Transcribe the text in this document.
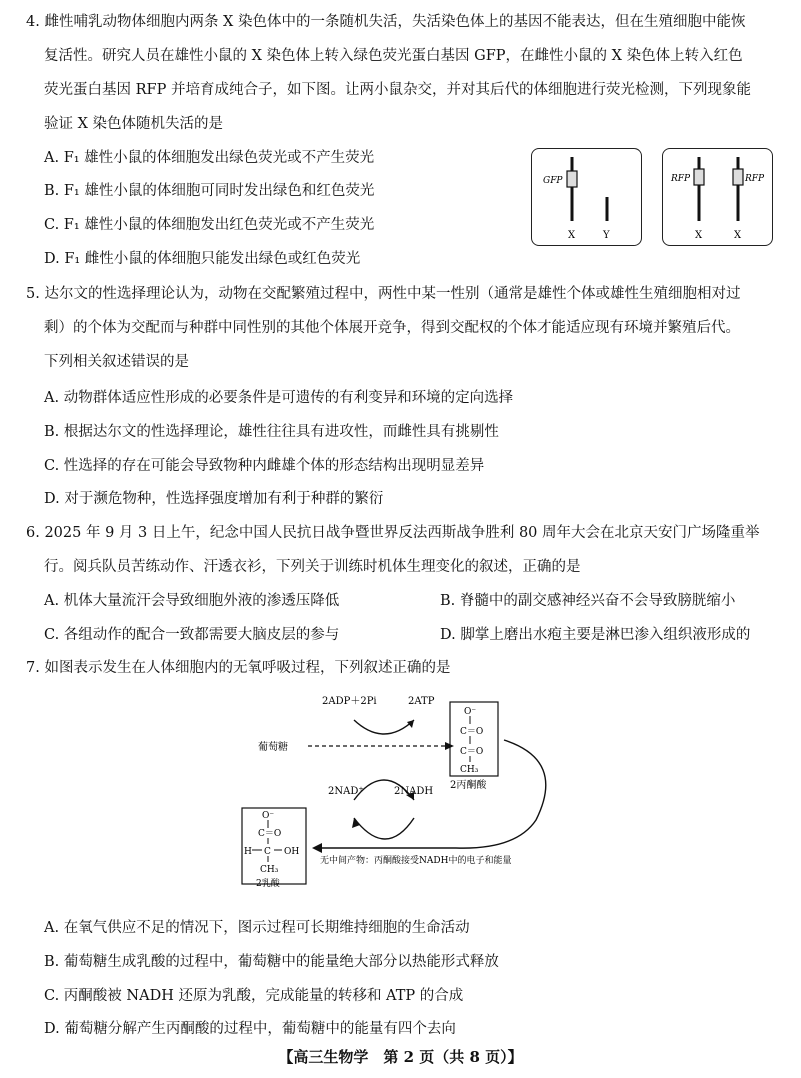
4. 雌性哺乳动物体细胞内两条 X 染色体中的一条随机失活，失活染色体上的基因不能表达，但在生殖细胞中能恢
复活性。研究人员在雄性小鼠的 X 染色体上转入绿色荧光蛋白基因 GFP，在雌性小鼠的 X 染色体上转入红色
荧光蛋白基因 RFP 并培育成纯合子，如下图。让两小鼠杂交，并对其后代的体细胞进行荧光检测，下列现象能
验证 X 染色体随机失活的是
A. F₁ 雄性小鼠的体细胞发出绿色荧光或不产生荧光
B. F₁ 雄性小鼠的体细胞可同时发出绿色和红色荧光
C. F₁ 雄性小鼠的体细胞发出红色荧光或不产生荧光
D. F₁ 雌性小鼠的体细胞只能发出绿色或红色荧光
GFP
X	Y
RFP	RFP
X	X
5. 达尔文的性选择理论认为，动物在交配繁殖过程中，两性中某一性别（通常是雄性个体或雄性生殖细胞相对过
剩）的个体为交配而与种群中同性别的其他个体展开竞争，得到交配权的个体才能适应现有环境并繁殖后代。
下列相关叙述错误的是
A. 动物群体适应性形成的必要条件是可遗传的有利变异和环境的定向选择
B. 根据达尔文的性选择理论，雄性往往具有进攻性，而雌性具有挑剔性
C. 性选择的存在可能会导致物种内雌雄个体的形态结构出现明显差异
D. 对于濒危物种，性选择强度增加有利于种群的繁衍
6. 2025 年 9 月 3 日上午，纪念中国人民抗日战争暨世界反法西斯战争胜利 80 周年大会在北京天安门广场隆重举
行。阅兵队员苦练动作、汗透衣衫，下列关于训练时机体生理变化的叙述，正确的是
A. 机体大量流汗会导致细胞外液的渗透压降低	B. 脊髓中的副交感神经兴奋不会导致膀胱缩小
C. 各组动作的配合一致都需要大脑皮层的参与	D. 脚掌上磨出水疱主要是淋巴渗入组织液形成的
7. 如图表示发生在人体细胞内的无氧呼吸过程，下列叙述正确的是
2ADP＋2Pi	2ATP
葡萄糖
2NAD⁺	2NADH
2丙酮酸
O⁻
C＝O
C＝O
CH₃
无中间产物：丙酮酸接受NADH中的电子和能量
O⁻
C＝O
H C OH
CH₃
2乳酸
A. 在氧气供应不足的情况下，图示过程可长期维持细胞的生命活动
B. 葡萄糖生成乳酸的过程中，葡萄糖中的能量绝大部分以热能形式释放
C. 丙酮酸被 NADH 还原为乳酸，完成能量的转移和 ATP 的合成
D. 葡萄糖分解产生丙酮酸的过程中，葡萄糖中的能量有四个去向
【高三生物学　第 2 页（共 8 页）】
